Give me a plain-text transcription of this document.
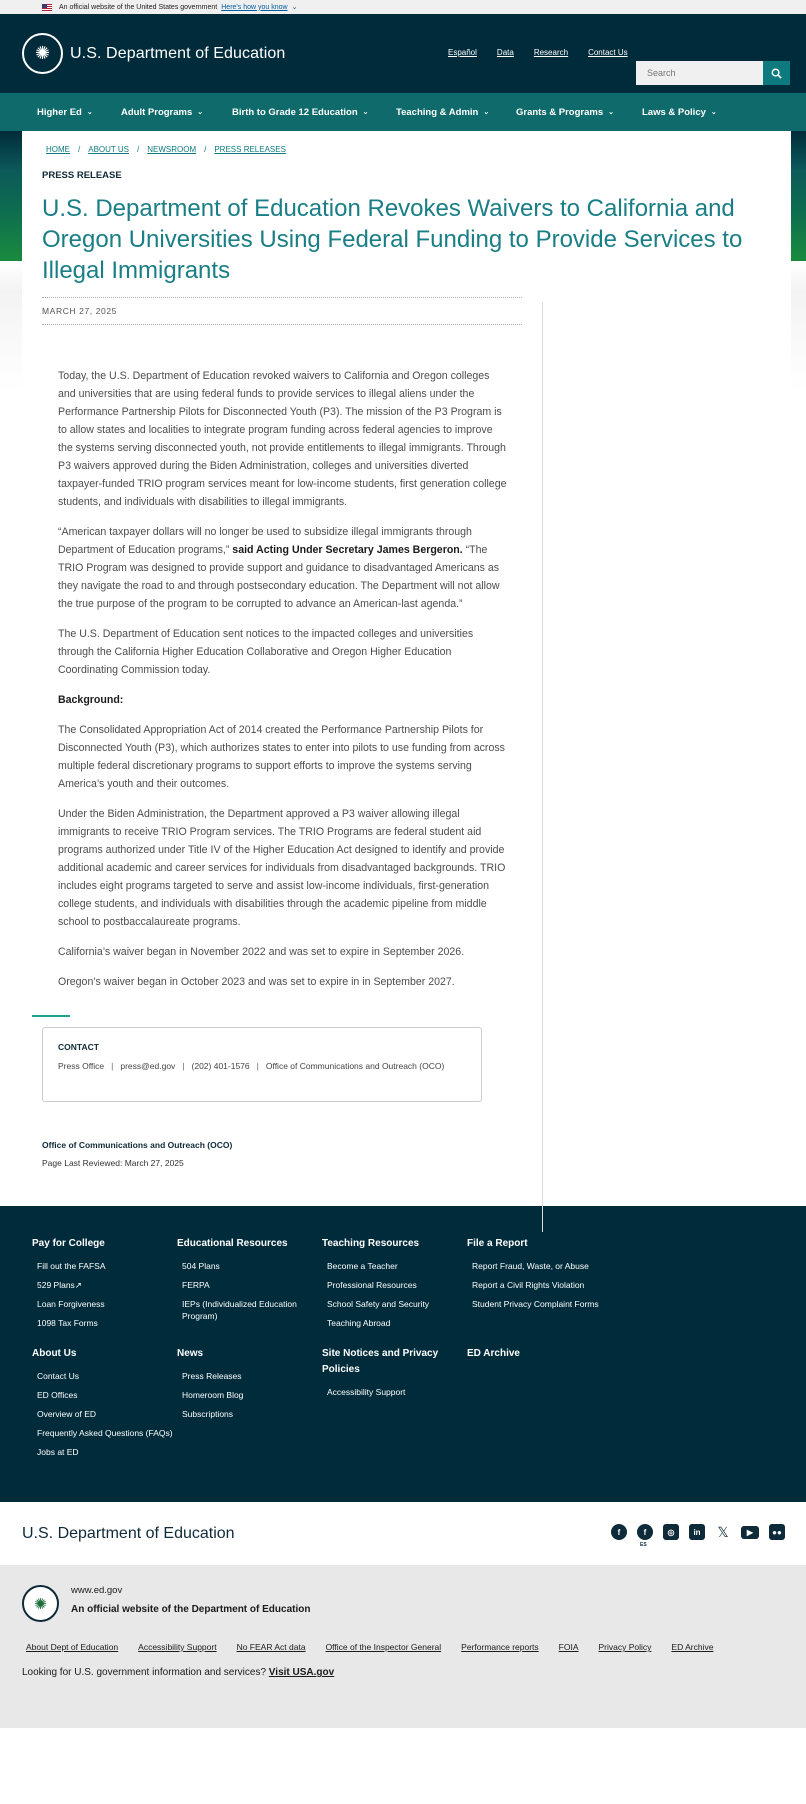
An official website of the United States government Here's how you know ⌄
✺	U.S. Department of Education	Español	Data	Research	Contact Us
Search
Higher Ed ⌄	Adult Programs ⌄	Birth to Grade 12 Education ⌄	Teaching & Admin ⌄	Grants & Programs ⌄	Laws & Policy ⌄
HOME / ABOUT US / NEWSROOM / PRESS RELEASES
PRESS RELEASE
U.S. Department of Education Revokes Waivers to California and Oregon Universities Using Federal Funding to Provide Services to Illegal Immigrants
MARCH 27, 2025

Today, the U.S. Department of Education revoked waivers to California and Oregon colleges and universities that are using federal funds to provide services to illegal aliens under the Performance Partnership Pilots for Disconnected Youth (P3). The mission of the P3 Program is to allow states and localities to integrate program funding across federal agencies to improve the systems serving disconnected youth, not provide entitlements to illegal immigrants. Through P3 waivers approved during the Biden Administration, colleges and universities diverted taxpayer-funded TRIO program services meant for low-income students, first generation college students, and individuals with disabilities to illegal immigrants.

“American taxpayer dollars will no longer be used to subsidize illegal immigrants through Department of Education programs,” said Acting Under Secretary James Bergeron. “The TRIO Program was designed to provide support and guidance to disadvantaged Americans as they navigate the road to and through postsecondary education. The Department will not allow the true purpose of the program to be corrupted to advance an American-last agenda.”

The U.S. Department of Education sent notices to the impacted colleges and universities through the California Higher Education Collaborative and Oregon Higher Education Coordinating Commission today.

Background:

The Consolidated Appropriation Act of 2014 created the Performance Partnership Pilots for Disconnected Youth (P3), which authorizes states to enter into pilots to use funding from across multiple federal discretionary programs to support efforts to improve the systems serving America’s youth and their outcomes.

Under the Biden Administration, the Department approved a P3 waiver allowing illegal immigrants to receive TRIO Program services. The TRIO Programs are federal student aid programs authorized under Title IV of the Higher Education Act designed to identify and provide additional academic and career services for individuals from disadvantaged backgrounds. TRIO includes eight programs targeted to serve and assist low-income individuals, first-generation college students, and individuals with disabilities through the academic pipeline from middle school to postbaccalaureate programs.

California’s waiver began in November 2022 and was set to expire in September 2026.

Oregon’s waiver began in October 2023 and was set to expire in in September 2027.

CONTACT
Press Office | press@ed.gov | (202) 401-1576 | Office of Communications and Outreach (OCO)
Office of Communications and Outreach (OCO)
Page Last Reviewed: March 27, 2025
Pay for College
Fill out the FAFSA
529 Plans↗
Loan Forgiveness
1098 Tax Forms
Educational Resources
504 Plans
FERPA
IEPs (Individualized Education Program)
Teaching Resources
Become a Teacher
Professional Resources
School Safety and Security
Teaching Abroad
File a Report
Report Fraud, Waste, or Abuse
Report a Civil Rights Violation
Student Privacy Complaint Forms
About Us
Contact Us
ED Offices
Overview of ED
Frequently Asked Questions (FAQs)
Jobs at ED
News
Press Releases
Homeroom Blog
Subscriptions
Site Notices and Privacy Policies
Accessibility Support
ED Archive
U.S. Department of Education	f	f
ES
◎	in	𝕏	▶	●●
✺
www.ed.gov
An official website of the Department of Education
About Dept of Education Accessibility Support No FEAR Act data Office of the Inspector General Performance reports FOIA Privacy Policy ED Archive
Looking for U.S. government information and services? Visit USA.gov
